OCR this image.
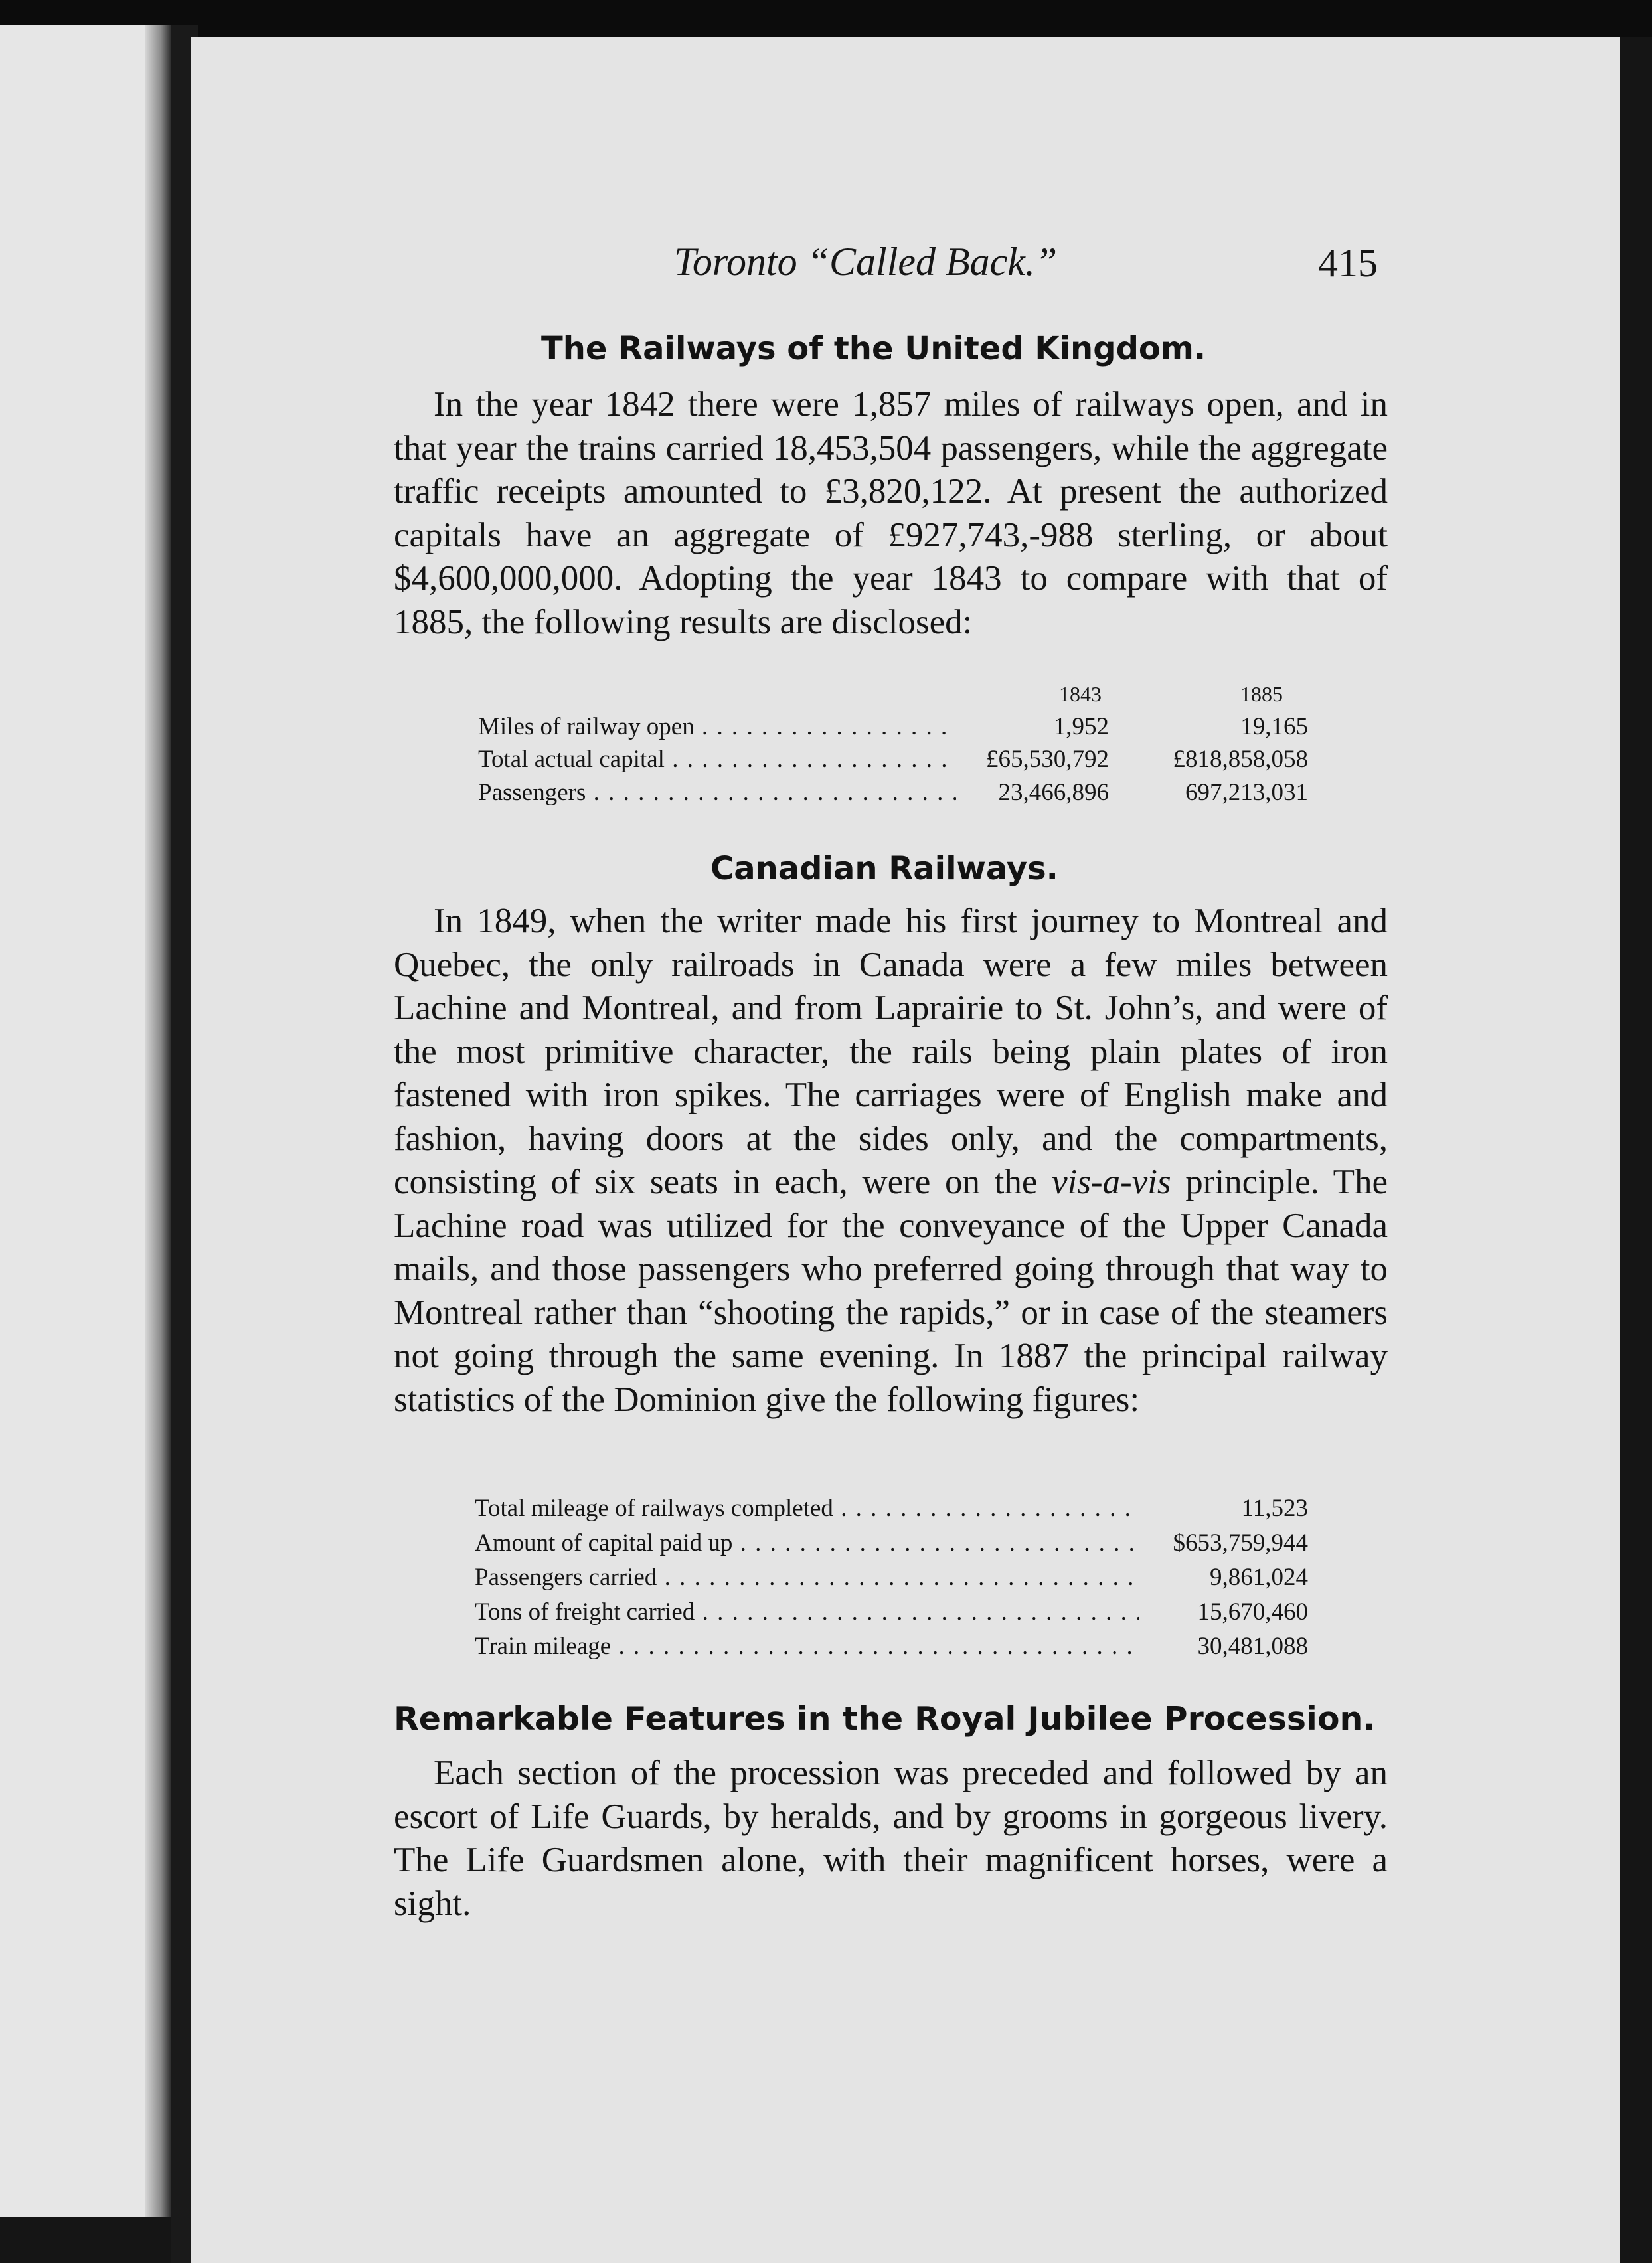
Toronto “Called Back.”	415
The Railways of the United Kingdom.
In the year 1842 there were 1,857 miles of railways open, and in that year the trains carried 18,453,504 passengers, while the aggregate traffic receipts amounted to £3,820,122. At present the authorized capitals have an aggregate of £927,743,-988 sterling, or about $4,600,000,000. Adopting the year 1843 to compare with that of 1885, the following results are disclosed:
1843	1885
Miles of railway open . . .	1,952	19,165
Total actual capital . . .	£65,530,792	£818,858,058
Passengers . . .	23,466,896	697,213,031
Canadian Railways.
In 1849, when the writer made his first journey to Montreal and Quebec, the only railroads in Canada were a few miles between Lachine and Montreal, and from Laprairie to St. John’s, and were of the most primitive character, the rails being plain plates of iron fastened with iron spikes. The carriages were of English make and fashion, having doors at the sides only, and the compartments, consisting of six seats in each, were on the vis-a-vis principle. The Lachine road was utilized for the conveyance of the Upper Canada mails, and those passengers who preferred going through that way to Montreal rather than “shooting the rapids,” or in case of the steamers not going through the same evening. In 1887 the principal railway statistics of the Dominion give the following figures:
Total mileage of railways completed . . .	11,523
Amount of capital paid up . . .	$653,759,944
Passengers carried . . .	9,861,024
Tons of freight carried . . .	15,670,460
Train mileage . . .	30,481,088
Remarkable Features in the Royal Jubilee Procession.
Each section of the procession was preceded and followed by an escort of Life Guards, by heralds, and by grooms in gorgeous livery. The Life Guardsmen alone, with their magnificent horses, were a sight.
